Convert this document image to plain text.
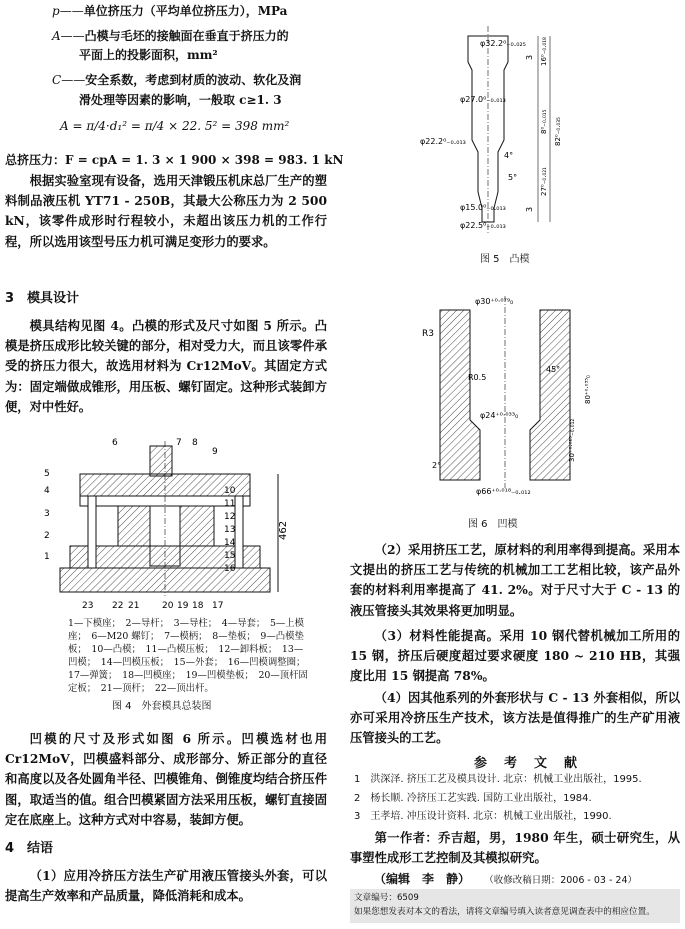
p——单位挤压力（平均单位挤压力），MPa
A——凸模与毛坯的接触面在垂直于挤压力的
平面上的投影面积，mm²
C——安全系数，考虑到材质的波动、软化及润
滑处理等因素的影响，一般取 c≥1. 3
A = π/4·d₁² = π/4 × 22. 5² = 398 mm²
总挤压力：F = cpA = 1. 3 × 1 900 × 398 = 983. 1 kN
根据实验室现有设备，选用天津锻压机床总厂生产的塑料制品液压机 YT71 - 250B，其最大公称压力为 2 500 kN，该零件成形时行程较小，未超出该压力机的工作行程，所以选用该型号压力机可满足变形力的要求。
3　模具设计
模具结构见图 4。凸模的形式及尺寸如图 5 所示。凸模是挤压成形比较关键的部分，相对受力大，而且该零件承受的挤压力很大，故选用材料为 Cr12MoV。其固定方式为：固定端做成锥形，用压板、螺钉固定。这种形式装卸方便，对中性好。
462
5
4
3
2
1
6	7 8
9
10
11
12
13
14
15
16
23 22 21	20 19 18 17
1—下模座；　2—导杆；　3—导柱；　4—导套；　5—上模座；　6—M20 螺钉；　7—模柄；　8—垫板；　9—凸模垫板；　10—凸模；　11—凸模压板；　12—卸料板；　13—凹模；　14—凹模压板；　15—外套；　16—凹模调整圈；　17—弹簧；　18—凹模座；　19—凹模垫板；　20—顶杆固定板；　21—顶杆；　22—顶出杆。
图 4　外套模具总装图
凹模的尺寸及形式如图 6 所示。凹模选材也用 Cr12MoV，凹模盛料部分、成形部分、矫正部分的直径和高度以及各处圆角半径、凹模锥角、倒锥度均结合挤压件图，取适当的值。组合凹模紧固方法采用压板，螺钉直接固定在底座上。这种方式对中容易，装卸方便。
4　结语
（1）应用冷挤压方法生产矿用液压管接头外套，可以提高生产效率和产品质量，降低消耗和成本。
φ32.2⁰₋₀.₀₂₅
φ27.0⁰₋₀.₀₁₃
φ22.2⁰₋₀.₀₁₃
4°
5°
φ15.0⁰₋₀.₀₁₃
φ22.5⁰₋₀.₀₁₃
3 16⁰₋₀.₀₁₈
8⁰₋₀.₀₁₅ 82⁰₋₀.₀₃₅
27⁰₋₀.₀₂₁
3
图 5　凸模
φ30⁺⁰·⁰⁷⁹₀
R3
R0.5
45°
80⁺⁰·⁰³⁵₀
φ24⁺⁰·⁰³³₀
30⁺⁰·⁰²⁵₋₀.₀₁₂
2°
φ66⁺⁰·⁰¹⁸₋₀.₀₁₂
图 6　凹模
（2）采用挤压工艺，原材料的利用率得到提高。采用本文提出的挤压工艺与传统的机械加工工艺相比较，该产品外套的材料利用率提高了 41. 2%。对于尺寸大于 C - 13 的液压管接头其效果将更加明显。
（3）材料性能提高。采用 10 钢代替机械加工所用的 15 钢，挤压后硬度超过要求硬度 180 ~ 210 HB，其强度比用 15 钢提高 78%。
（4）因其他系列的外套形状与 C - 13 外套相似，所以亦可采用冷挤压生产技术，该方法是值得推广的生产矿用液压管接头的工艺。
参　考　文　献
1　洪深泽. 挤压工艺及模具设计. 北京：机械工业出版社，1995.
2　杨长顺. 冷挤压工艺实践. 国防工业出版社，1984.
3　王孝培. 冲压设计资料. 北京：机械工业出版社，1990.
第一作者：乔吉超，男，1980 年生，硕士研究生，从事塑性成形工艺控制及其模拟研究。
（编辑　李　静） （收修改稿日期：2006 - 03 - 24）
文章编号：6509
如果您想发表对本文的看法，请将文章编号填入读者意见调查表中的相应位置。
